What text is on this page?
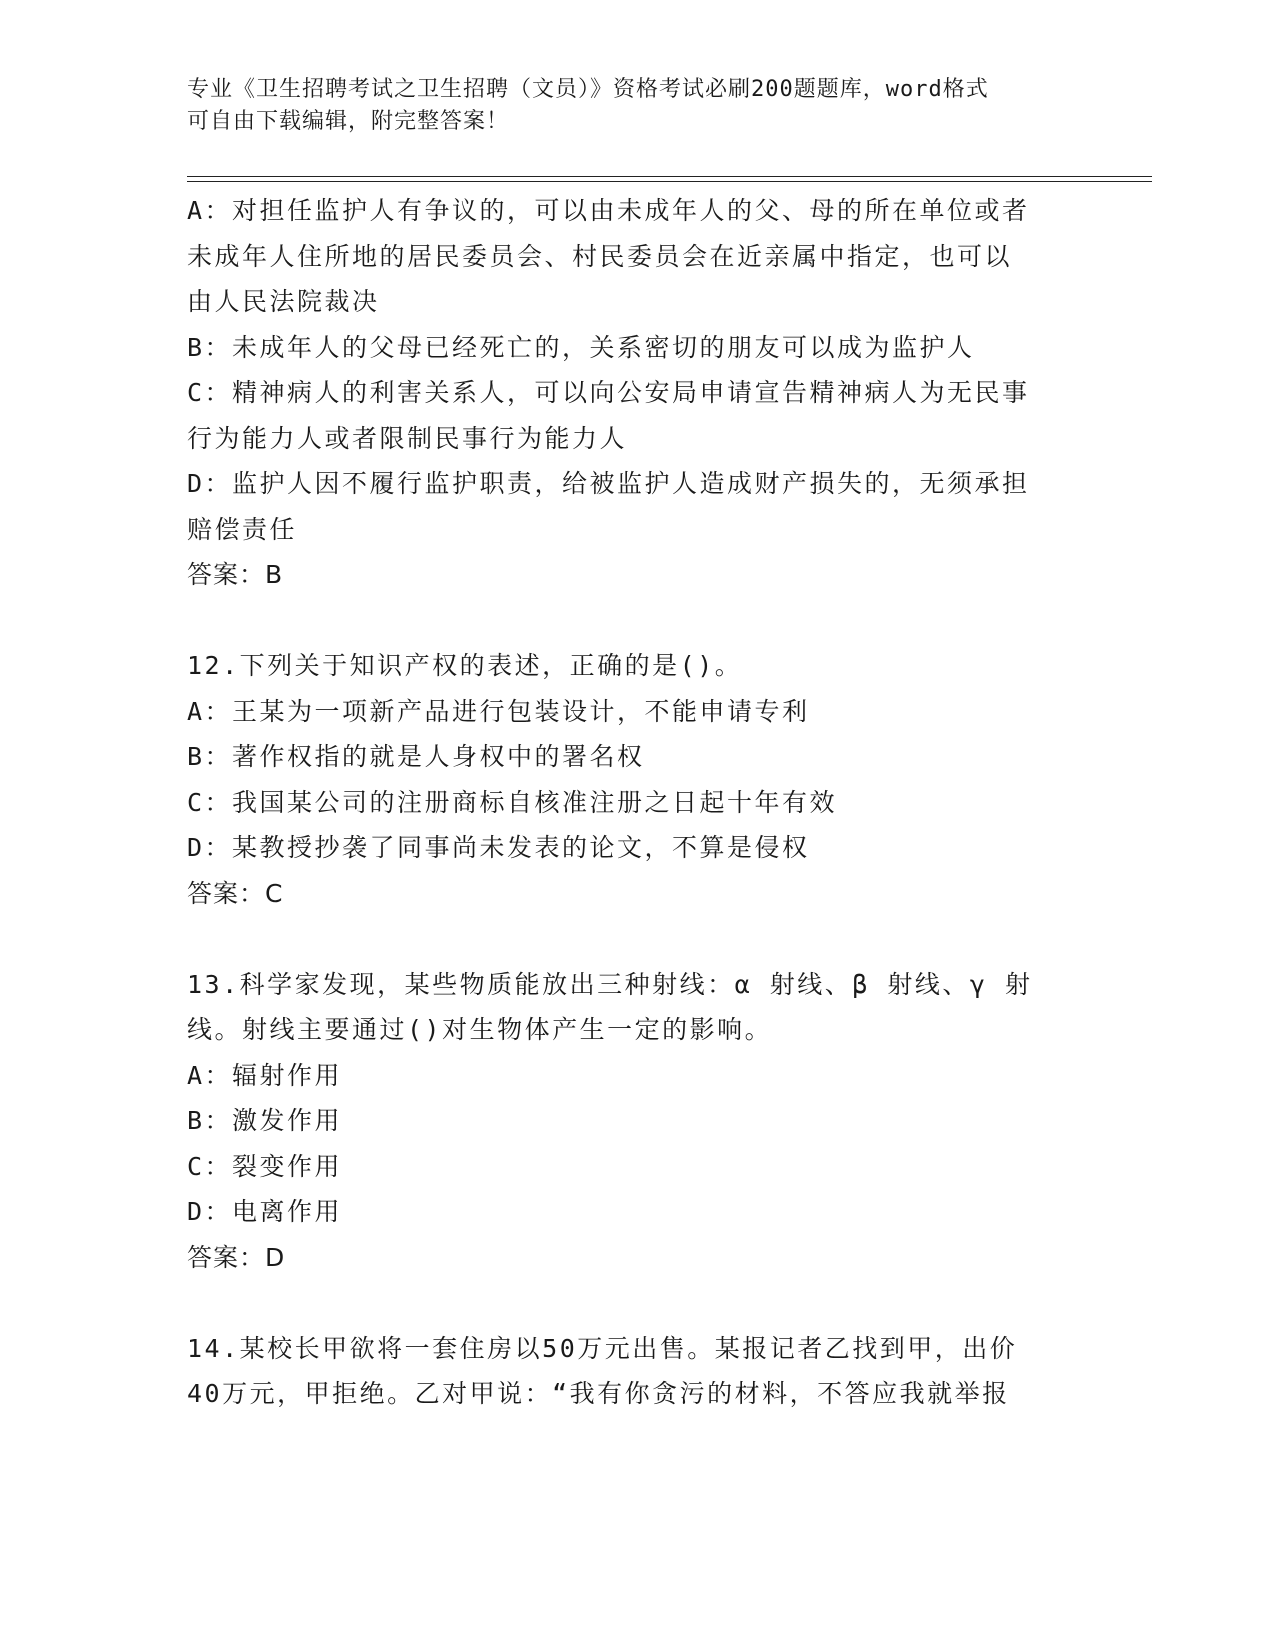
专业《卫生招聘考试之卫生招聘（文员）》资格考试必刷200题题库，word格式
可自由下载编辑，附完整答案！
A：对担任监护人有争议的，可以由未成年人的父、母的所在单位或者
未成年人住所地的居民委员会、村民委员会在近亲属中指定，也可以
由人民法院裁决
B：未成年人的父母已经死亡的，关系密切的朋友可以成为监护人
C：精神病人的利害关系人，可以向公安局申请宣告精神病人为无民事
行为能力人或者限制民事行为能力人
D：监护人因不履行监护职责，给被监护人造成财产损失的，无须承担
赔偿责任
答案：B
12.下列关于知识产权的表述，正确的是()。
A：王某为一项新产品进行包装设计，不能申请专利
B：著作权指的就是人身权中的署名权
C：我国某公司的注册商标自核准注册之日起十年有效
D：某教授抄袭了同事尚未发表的论文，不算是侵权
答案：C
13.科学家发现，某些物质能放出三种射线：α 射线、β 射线、γ 射
线。射线主要通过()对生物体产生一定的影响。
A：辐射作用
B：激发作用
C：裂变作用
D：电离作用
答案：D
14.某校长甲欲将一套住房以50万元出售。某报记者乙找到甲，出价
40万元，甲拒绝。乙对甲说：“我有你贪污的材料，不答应我就举报
